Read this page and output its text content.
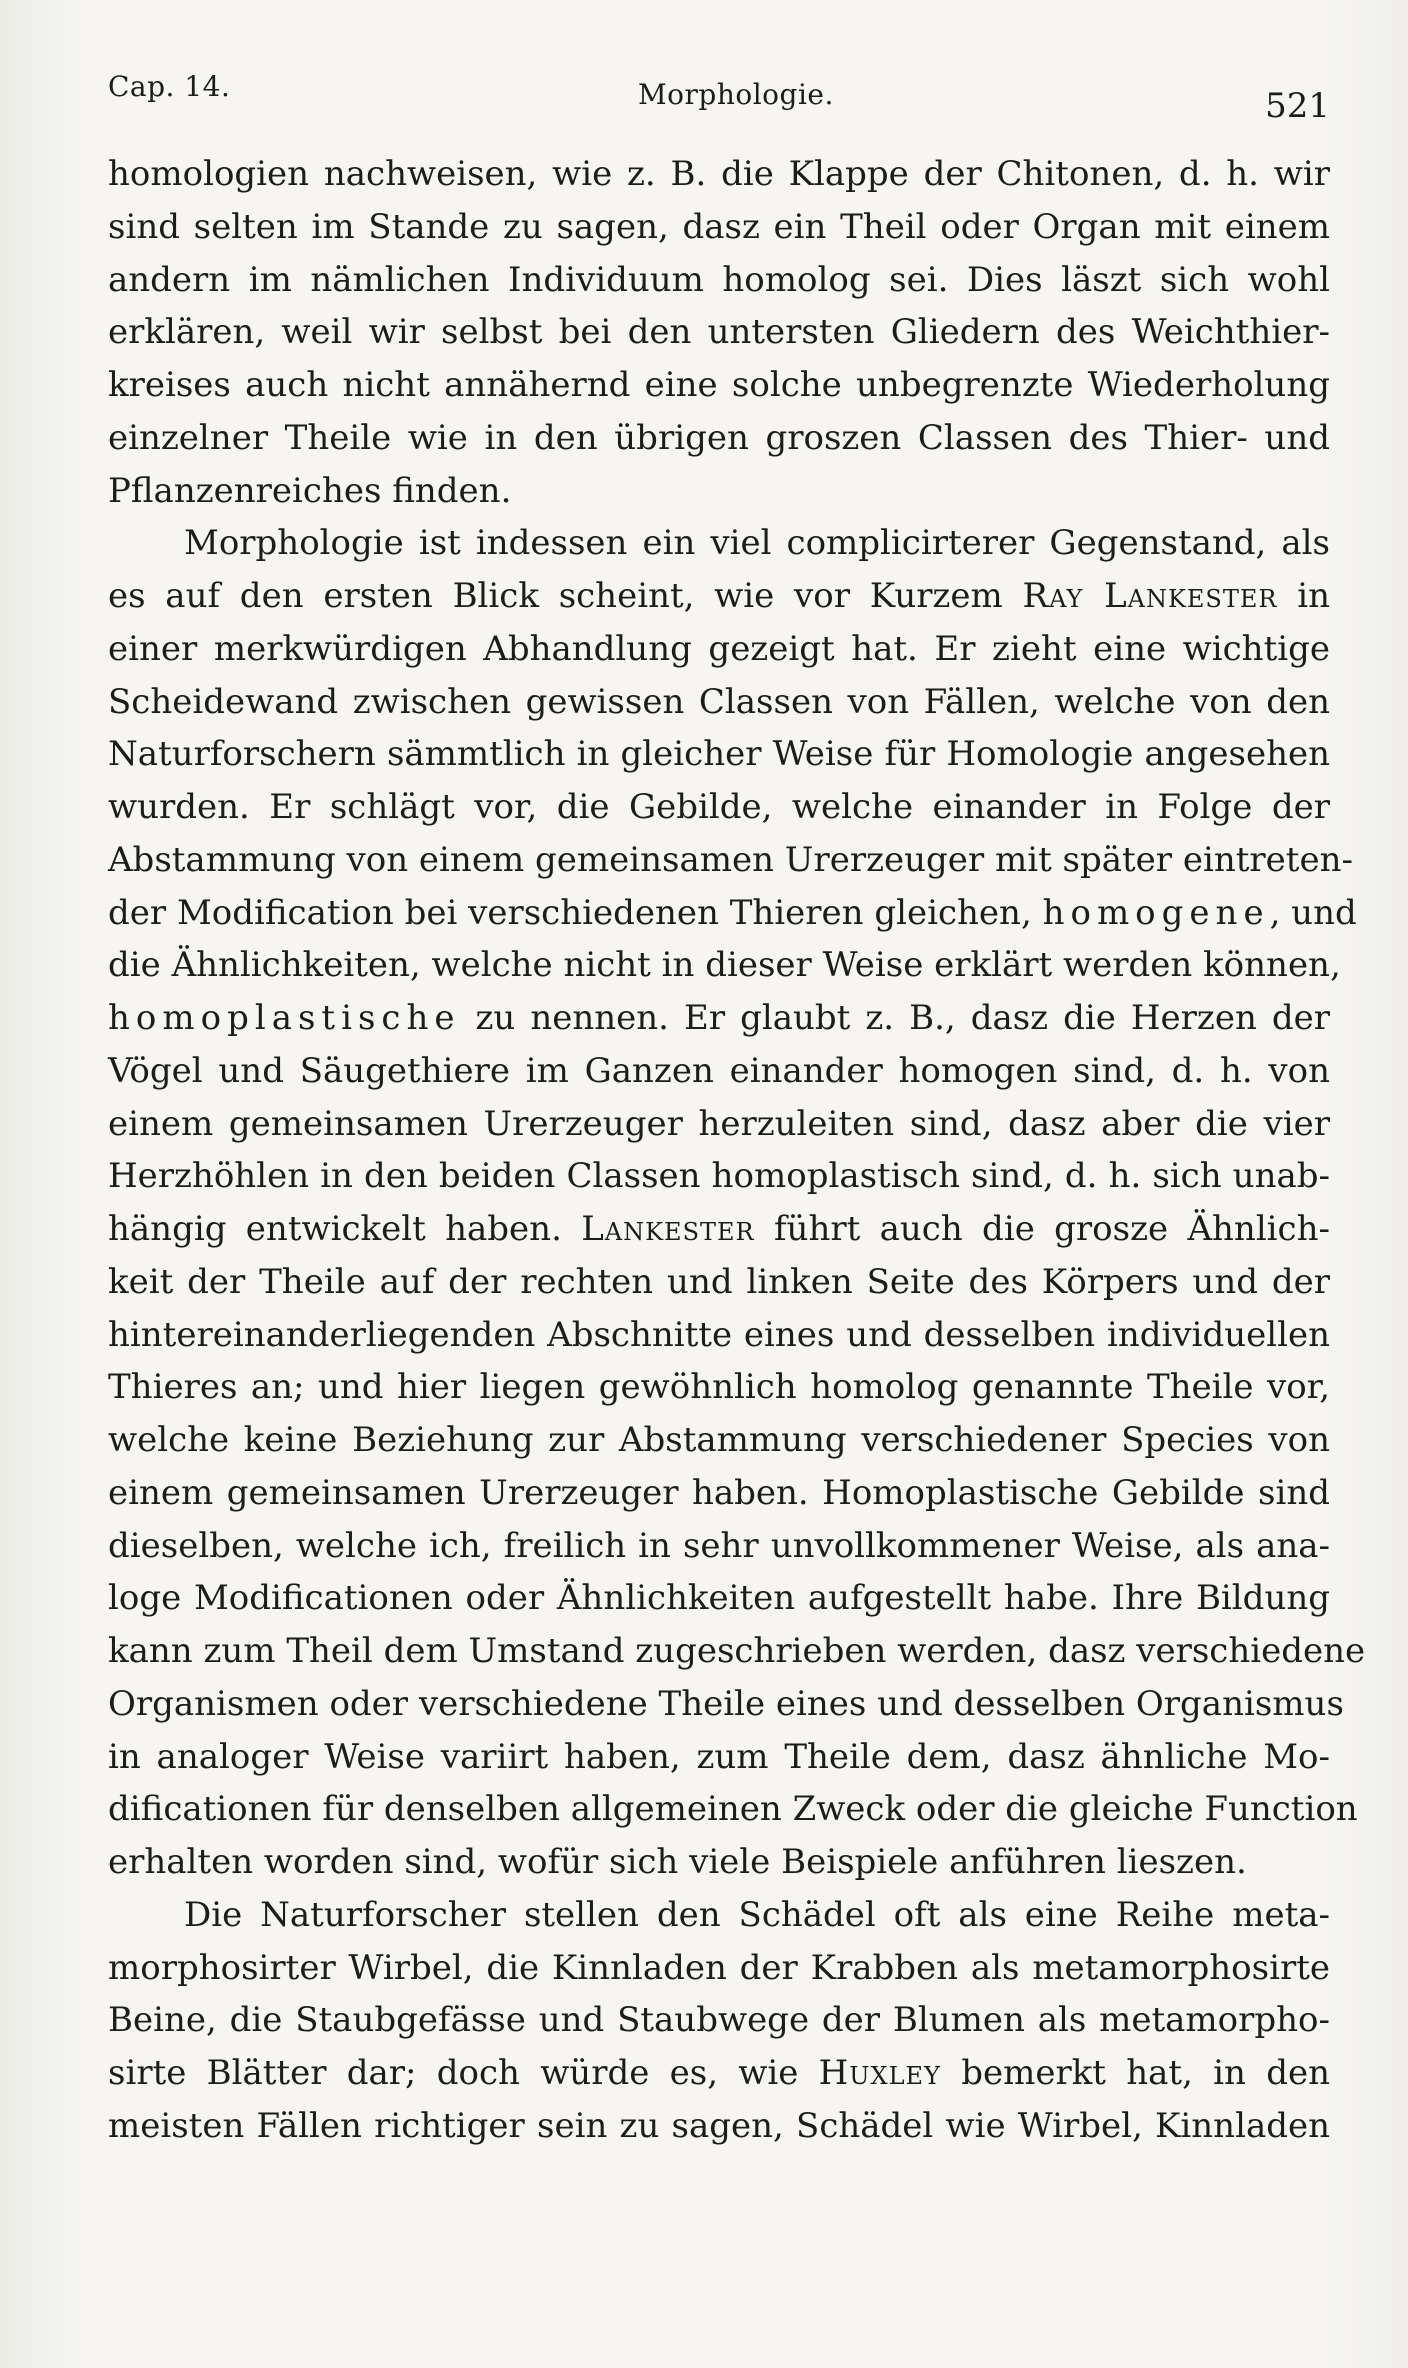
Cap. 14.	Morphologie.	521
homologien nachweisen, wie z. B. die Klappe der Chitonen, d. h. wir
sind selten im Stande zu sagen, dasz ein Theil oder Organ mit einem
andern im nämlichen Individuum homolog sei. Dies läszt sich wohl
erklären, weil wir selbst bei den untersten Gliedern des Weichthier-
kreises auch nicht annähernd eine solche unbegrenzte Wiederholung
einzelner Theile wie in den übrigen groszen Classen des Thier- und
Pflanzenreiches finden.
Morphologie ist indessen ein viel complicirterer Gegenstand, als
es auf den ersten Blick scheint, wie vor Kurzem Ray Lankester in
einer merkwürdigen Abhandlung gezeigt hat. Er zieht eine wichtige
Scheidewand zwischen gewissen Classen von Fällen, welche von den
Naturforschern sämmtlich in gleicher Weise für Homologie angesehen
wurden. Er schlägt vor, die Gebilde, welche einander in Folge der
Abstammung von einem gemeinsamen Urerzeuger mit später eintreten-
der Modification bei verschiedenen Thieren gleichen, homogene, und
die Ähnlichkeiten, welche nicht in dieser Weise erklärt werden können,
homoplastische zu nennen. Er glaubt z. B., dasz die Herzen der
Vögel und Säugethiere im Ganzen einander homogen sind, d. h. von
einem gemeinsamen Urerzeuger herzuleiten sind, dasz aber die vier
Herzhöhlen in den beiden Classen homoplastisch sind, d. h. sich unab-
hängig entwickelt haben. Lankester führt auch die grosze Ähnlich-
keit der Theile auf der rechten und linken Seite des Körpers und der
hintereinanderliegenden Abschnitte eines und desselben individuellen
Thieres an; und hier liegen gewöhnlich homolog genannte Theile vor,
welche keine Beziehung zur Abstammung verschiedener Species von
einem gemeinsamen Urerzeuger haben. Homoplastische Gebilde sind
dieselben, welche ich, freilich in sehr unvollkommener Weise, als ana-
loge Modificationen oder Ähnlichkeiten aufgestellt habe. Ihre Bildung
kann zum Theil dem Umstand zugeschrieben werden, dasz verschiedene
Organismen oder verschiedene Theile eines und desselben Organismus
in analoger Weise variirt haben, zum Theile dem, dasz ähnliche Mo-
dificationen für denselben allgemeinen Zweck oder die gleiche Function
erhalten worden sind, wofür sich viele Beispiele anführen lieszen.
Die Naturforscher stellen den Schädel oft als eine Reihe meta-
morphosirter Wirbel, die Kinnladen der Krabben als metamorphosirte
Beine, die Staubgefässe und Staubwege der Blumen als metamorpho-
sirte Blätter dar; doch würde es, wie Huxley bemerkt hat, in den
meisten Fällen richtiger sein zu sagen, Schädel wie Wirbel, Kinnladen
